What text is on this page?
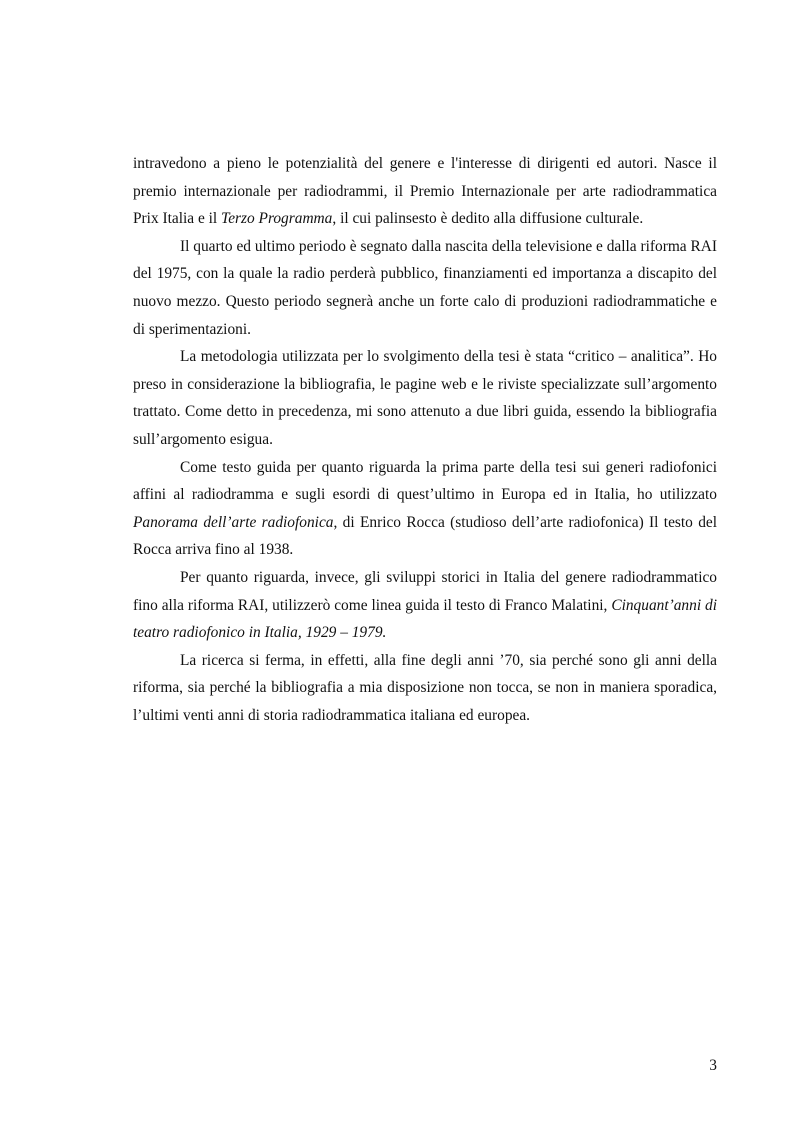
intravedono a pieno le potenzialità del genere e l'interesse di dirigenti ed autori. Nasce il premio internazionale per radiodrammi, il Premio Internazionale per arte radiodrammatica Prix Italia e il Terzo Programma, il cui palinsesto è dedito alla diffusione culturale.

Il quarto ed ultimo periodo è segnato dalla nascita della televisione e dalla riforma RAI del 1975, con la quale la radio perderà pubblico, finanziamenti ed importanza a discapito del nuovo mezzo. Questo periodo segnerà anche un forte calo di produzioni radiodrammatiche e di sperimentazioni.

La metodologia utilizzata per lo svolgimento della tesi è stata “critico – analitica”. Ho preso in considerazione la bibliografia, le pagine web e le riviste specializzate sull’argomento trattato. Come detto in precedenza, mi sono attenuto a due libri guida, essendo la bibliografia sull’argomento esigua.

Come testo guida per quanto riguarda la prima parte della tesi sui generi radiofonici affini al radiodramma e sugli esordi di quest’ultimo in Europa ed in Italia, ho utilizzato Panorama dell’arte radiofonica, di Enrico Rocca (studioso dell’arte radiofonica) Il testo del Rocca arriva fino al 1938.

Per quanto riguarda, invece, gli sviluppi storici in Italia del genere radiodrammatico fino alla riforma RAI, utilizzerò come linea guida il testo di Franco Malatini, Cinquant’anni di teatro radiofonico in Italia, 1929 – 1979.

La ricerca si ferma, in effetti, alla fine degli anni ’70, sia perché sono gli anni della riforma, sia perché la bibliografia a mia disposizione non tocca, se non in maniera sporadica, l’ultimi venti anni di storia radiodrammatica italiana ed europea.

3
